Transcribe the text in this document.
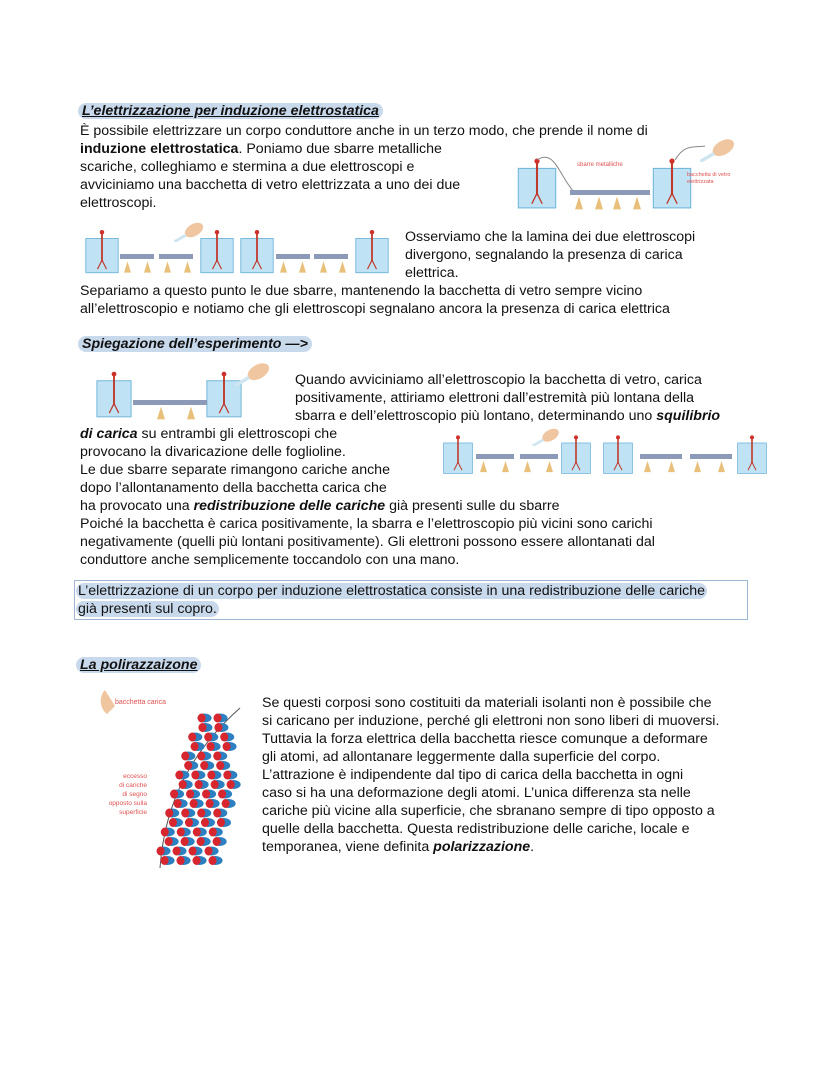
L’elettrizzazione per induzione elettrostatica
È possibile elettrizzare un corpo conduttore anche in un terzo modo, che prende il nome di
induzione elettrostatica. Poniamo due sbarre metalliche
scariche, colleghiamo e stermina a due elettroscopi e
avviciniamo una bacchetta di vetro elettrizzata a uno dei due
elettroscopi.
sbarre metalliche
bacchetta di vetro
elettrizzata
Osserviamo che la lamina dei due elettroscopi
divergono, segnalando la presenza di carica
elettrica.
Separiamo a questo punto le due sbarre, mantenendo la bacchetta di vetro sempre vicino
all’elettroscopio e notiamo che gli elettroscopi segnalano ancora la presenza di carica elettrica
Spiegazione dell’esperimento —>
Quando avviciniamo all’elettroscopio la bacchetta di vetro, carica
positivamente, attiriamo elettroni dall’estremità più lontana della
sbarra e dell’elettroscopio più lontano, determinando uno squilibrio
di carica su entrambi gli elettroscopi che
provocano la divaricazione delle foglioline.
Le due sbarre separate rimangono cariche anche
dopo l’allontanamento della bacchetta carica che
ha provocato una redistribuzione delle cariche già presenti sulle du sbarre
Poiché la bacchetta è carica positivamente, la sbarra e l’elettroscopio più vicini sono carichi
negativamente (quelli più lontani positivamente). Gli elettroni possono essere allontanati dal
conduttore anche semplicemente toccandolo con una mano.
L’elettrizzazione di un corpo per induzione elettrostatica consiste in una redistribuzione delle cariche
già presenti sul copro.
La polirazzaizone
bacchetta carica
eccesso
di cariche
di segno
opposto sulla
superficie
Se questi corposi sono costituiti da materiali isolanti non è possibile che
si caricano per induzione, perché gli elettroni non sono liberi di muoversi.
Tuttavia la forza elettrica della bacchetta riesce comunque a deformare
gli atomi, ad allontanare leggermente dalla superficie del corpo.
L’attrazione è indipendente dal tipo di carica della bacchetta in ogni
caso si ha una deformazione degli atomi. L’unica differenza sta nelle
cariche più vicine alla superficie, che sbranano sempre di tipo opposto a
quelle della bacchetta. Questa redistribuzione delle cariche, locale e
temporanea, viene definita polarizzazione.
